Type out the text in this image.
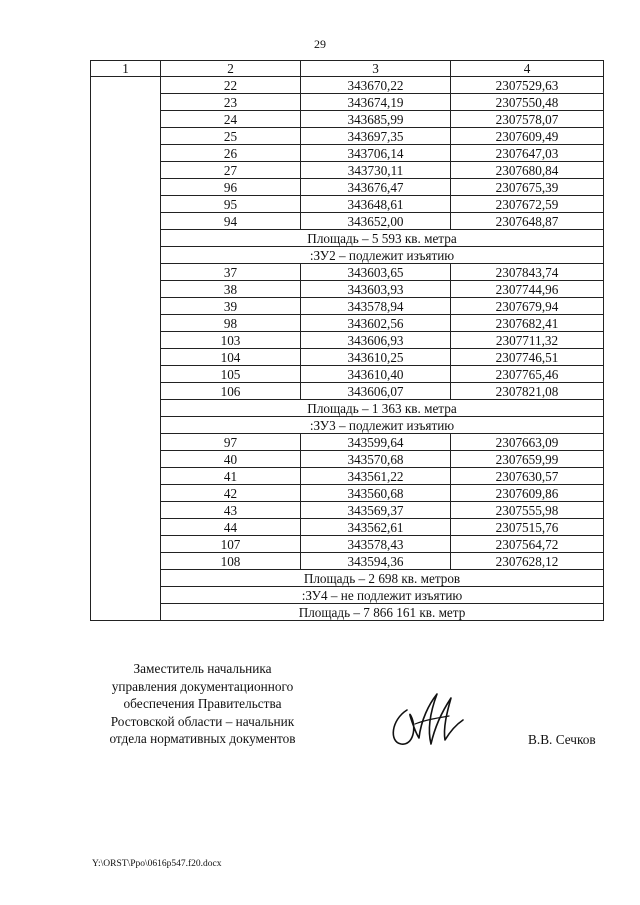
29
1	2	3	4
	22	343670,22	2307529,63
	23	343674,19	2307550,48
	24	343685,99	2307578,07
	25	343697,35	2307609,49
	26	343706,14	2307647,03
	27	343730,11	2307680,84
	96	343676,47	2307675,39
	95	343648,61	2307672,59
	94	343652,00	2307648,87
	Площадь – 5 593 кв. метра		
	:ЗУ2 – подлежит изъятию		
	37	343603,65	2307843,74
	38	343603,93	2307744,96
	39	343578,94	2307679,94
	98	343602,56	2307682,41
	103	343606,93	2307711,32
	104	343610,25	2307746,51
	105	343610,40	2307765,46
	106	343606,07	2307821,08
	Площадь – 1 363 кв. метра		
	:ЗУ3 – подлежит изъятию		
	97	343599,64	2307663,09
	40	343570,68	2307659,99
	41	343561,22	2307630,57
	42	343560,68	2307609,86
	43	343569,37	2307555,98
	44	343562,61	2307515,76
	107	343578,43	2307564,72
	108	343594,36	2307628,12
	Площадь – 2 698 кв. метров		
	:ЗУ4 – не подлежит изъятию		
	Площадь – 7 866 161 кв. метр		
Заместитель начальника
управления документационного
обеспечения Правительства
Ростовской области – начальник
отдела нормативных документов	В.В. Сечков
Y:\ORST\Ppo\0616p547.f20.docx
